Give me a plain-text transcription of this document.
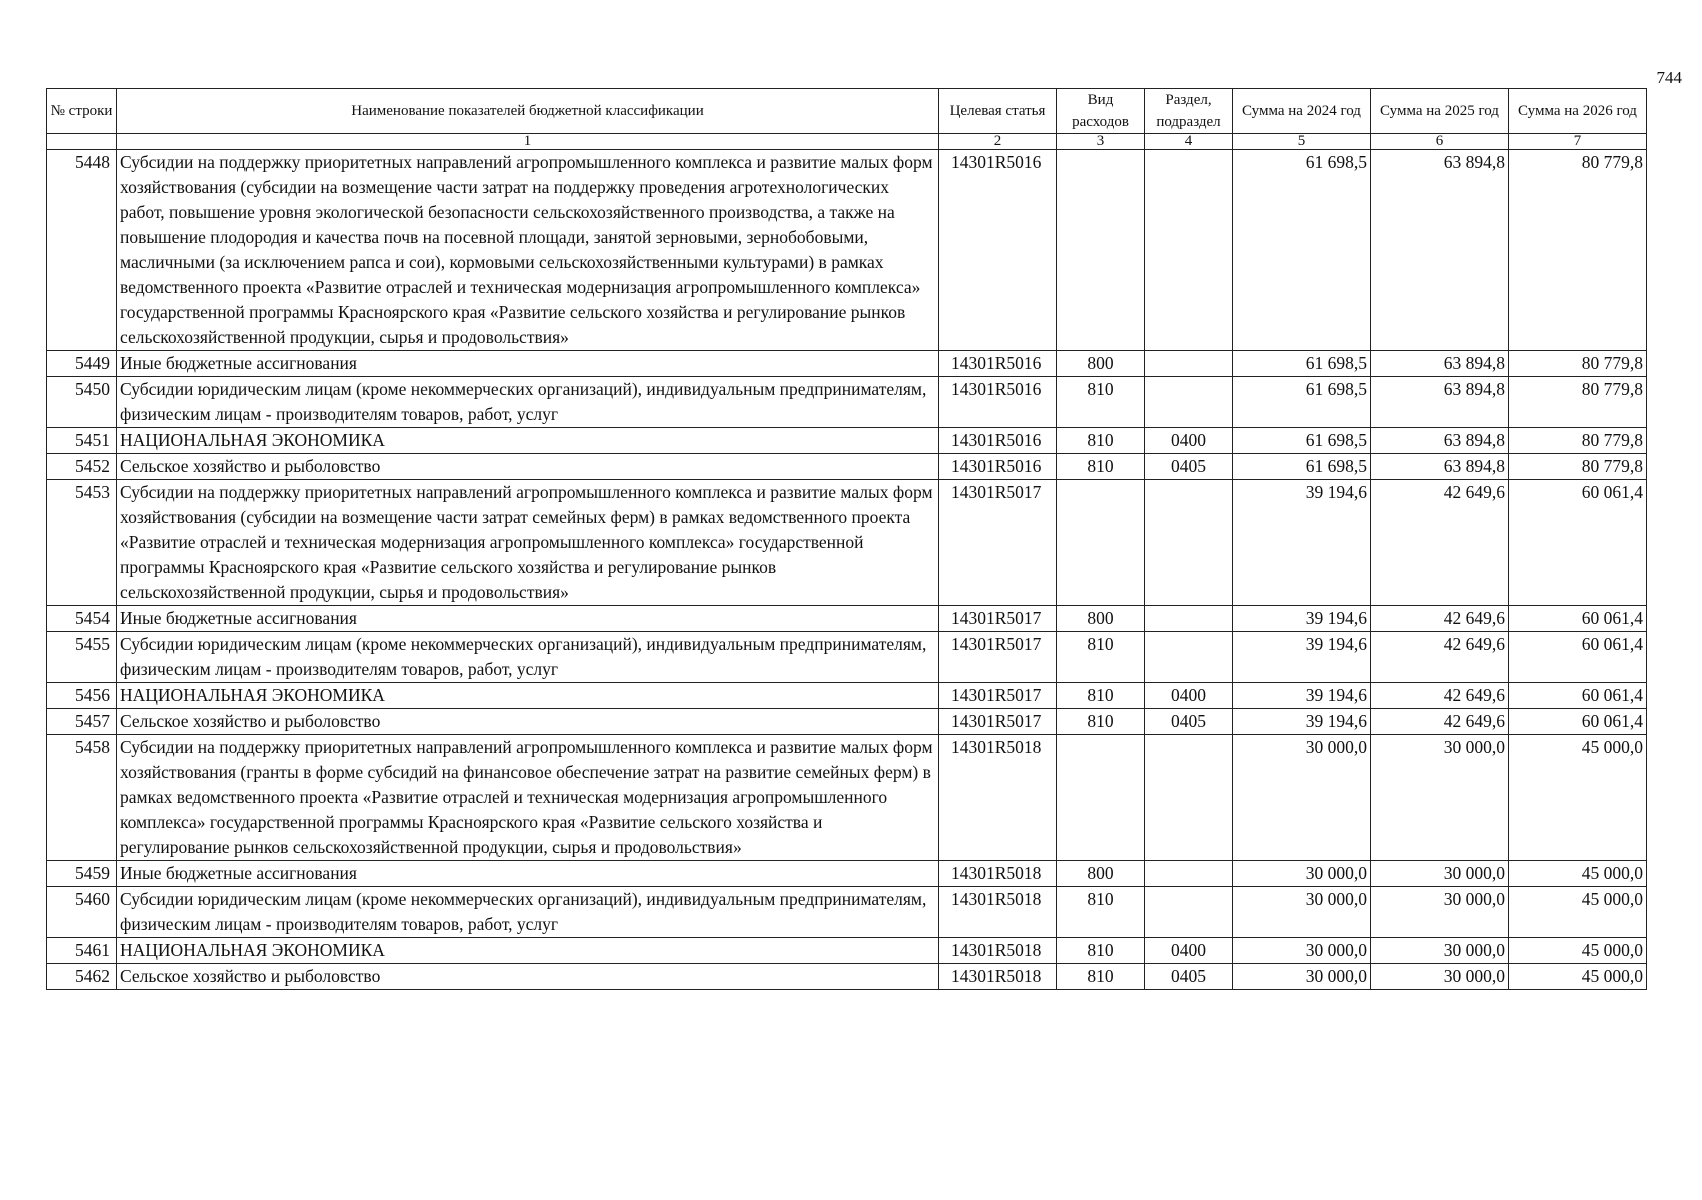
744
№ строки	Наименование показателей бюджетной классификации	Целевая статья	Вид расходов	Раздел, подраздел	Сумма на 2024 год	Сумма на 2025 год	Сумма на 2026 год
	1	2	3	4	5	6	7
5448	Субсидии на поддержку приоритетных направлений агропромышленного комплекса и развитие малых форм хозяйствования (субсидии на возмещение части затрат на поддержку проведения агротехнологических работ, повышение уровня экологической безопасности сельскохозяйственного производства, а также на повышение плодородия и качества почв на посевной площади, занятой зерновыми, зернобобовыми, масличными (за исключением рапса и сои), кормовыми сельскохозяйственными культурами) в рамках ведомственного проекта «Развитие отраслей и техническая модернизация агропромышленного комплекса» государственной программы Красноярского края «Развитие сельского хозяйства и регулирование рынков сельскохозяйственной продукции, сырья и продовольствия»	14301R5016			61 698,5	63 894,8	80 779,8
5449	Иные бюджетные ассигнования	14301R5016	800		61 698,5	63 894,8	80 779,8
5450	Субсидии юридическим лицам (кроме некоммерческих организаций), индивидуальным предпринимателям, физическим лицам - производителям товаров, работ, услуг	14301R5016	810		61 698,5	63 894,8	80 779,8
5451	НАЦИОНАЛЬНАЯ ЭКОНОМИКА	14301R5016	810	0400	61 698,5	63 894,8	80 779,8
5452	Сельское хозяйство и рыболовство	14301R5016	810	0405	61 698,5	63 894,8	80 779,8
5453	Субсидии на поддержку приоритетных направлений агропромышленного комплекса и развитие малых форм хозяйствования (субсидии на возмещение части затрат семейных ферм) в рамках ведомственного проекта «Развитие отраслей и техническая модернизация агропромышленного комплекса» государственной программы Красноярского края «Развитие сельского хозяйства и регулирование рынков сельскохозяйственной продукции, сырья и продовольствия»	14301R5017			39 194,6	42 649,6	60 061,4
5454	Иные бюджетные ассигнования	14301R5017	800		39 194,6	42 649,6	60 061,4
5455	Субсидии юридическим лицам (кроме некоммерческих организаций), индивидуальным предпринимателям, физическим лицам - производителям товаров, работ, услуг	14301R5017	810		39 194,6	42 649,6	60 061,4
5456	НАЦИОНАЛЬНАЯ ЭКОНОМИКА	14301R5017	810	0400	39 194,6	42 649,6	60 061,4
5457	Сельское хозяйство и рыболовство	14301R5017	810	0405	39 194,6	42 649,6	60 061,4
5458	Субсидии на поддержку приоритетных направлений агропромышленного комплекса и развитие малых форм хозяйствования (гранты в форме субсидий на финансовое обеспечение затрат на развитие семейных ферм) в рамках ведомственного проекта «Развитие отраслей и техническая модернизация агропромышленного комплекса» государственной программы Красноярского края «Развитие сельского хозяйства и регулирование рынков сельскохозяйственной продукции, сырья и продовольствия»	14301R5018			30 000,0	30 000,0	45 000,0
5459	Иные бюджетные ассигнования	14301R5018	800		30 000,0	30 000,0	45 000,0
5460	Субсидии юридическим лицам (кроме некоммерческих организаций), индивидуальным предпринимателям, физическим лицам - производителям товаров, работ, услуг	14301R5018	810		30 000,0	30 000,0	45 000,0
5461	НАЦИОНАЛЬНАЯ ЭКОНОМИКА	14301R5018	810	0400	30 000,0	30 000,0	45 000,0
5462	Сельское хозяйство и рыболовство	14301R5018	810	0405	30 000,0	30 000,0	45 000,0
